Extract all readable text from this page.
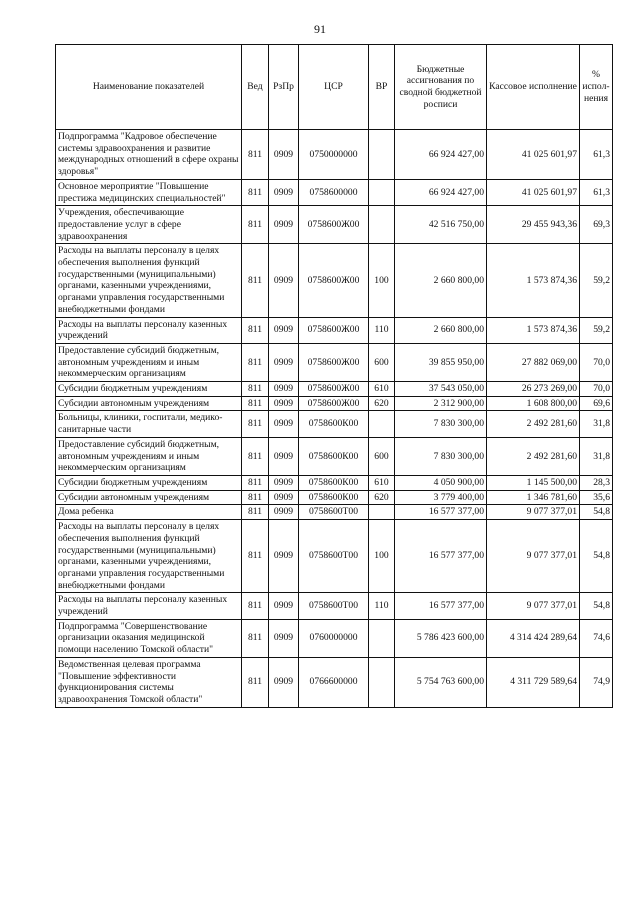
91
Наименование показателей	Вед	РзПр	ЦСР	ВР	Бюджетные ассигнования по сводной бюджетной росписи	Кассовое исполнение	% испол-нения
Подпрограмма "Кадровое обеспечение системы здравоохранения и развитие международных отношений в сфере охраны здоровья"	811	0909	0750000000		66 924 427,00	41 025 601,97	61,3
Основное мероприятие "Повышение престижа медицинских специальностей"	811	0909	0758600000		66 924 427,00	41 025 601,97	61,3
Учреждения, обеспечивающие предоставление услуг в сфере здравоохранения	811	0909	0758600Ж00		42 516 750,00	29 455 943,36	69,3
Расходы на выплаты персоналу в целях обеспечения выполнения функций государственными (муниципальными) органами, казенными учреждениями, органами управления государственными внебюджетными фондами	811	0909	0758600Ж00	100	2 660 800,00	1 573 874,36	59,2
Расходы на выплаты персоналу казенных учреждений	811	0909	0758600Ж00	110	2 660 800,00	1 573 874,36	59,2
Предоставление субсидий бюджетным, автономным учреждениям и иным некоммерческим организациям	811	0909	0758600Ж00	600	39 855 950,00	27 882 069,00	70,0
Субсидии бюджетным учреждениям	811	0909	0758600Ж00	610	37 543 050,00	26 273 269,00	70,0
Субсидии автономным учреждениям	811	0909	0758600Ж00	620	2 312 900,00	1 608 800,00	69,6
Больницы, клиники, госпитали, медико-санитарные части	811	0909	0758600К00		7 830 300,00	2 492 281,60	31,8
Предоставление субсидий бюджетным, автономным учреждениям и иным некоммерческим организациям	811	0909	0758600К00	600	7 830 300,00	2 492 281,60	31,8
Субсидии бюджетным учреждениям	811	0909	0758600К00	610	4 050 900,00	1 145 500,00	28,3
Субсидии автономным учреждениям	811	0909	0758600К00	620	3 779 400,00	1 346 781,60	35,6
Дома ребенка	811	0909	0758600Т00		16 577 377,00	9 077 377,01	54,8
Расходы на выплаты персоналу в целях обеспечения выполнения функций государственными (муниципальными) органами, казенными учреждениями, органами управления государственными внебюджетными фондами	811	0909	0758600Т00	100	16 577 377,00	9 077 377,01	54,8
Расходы на выплаты персоналу казенных учреждений	811	0909	0758600Т00	110	16 577 377,00	9 077 377,01	54,8
Подпрограмма "Совершенствование организации оказания медицинской помощи населению Томской области"	811	0909	0760000000		5 786 423 600,00	4 314 424 289,64	74,6
Ведомственная целевая программа "Повышение эффективности функционирования системы здравоохранения Томской области"	811	0909	0766600000		5 754 763 600,00	4 311 729 589,64	74,9
